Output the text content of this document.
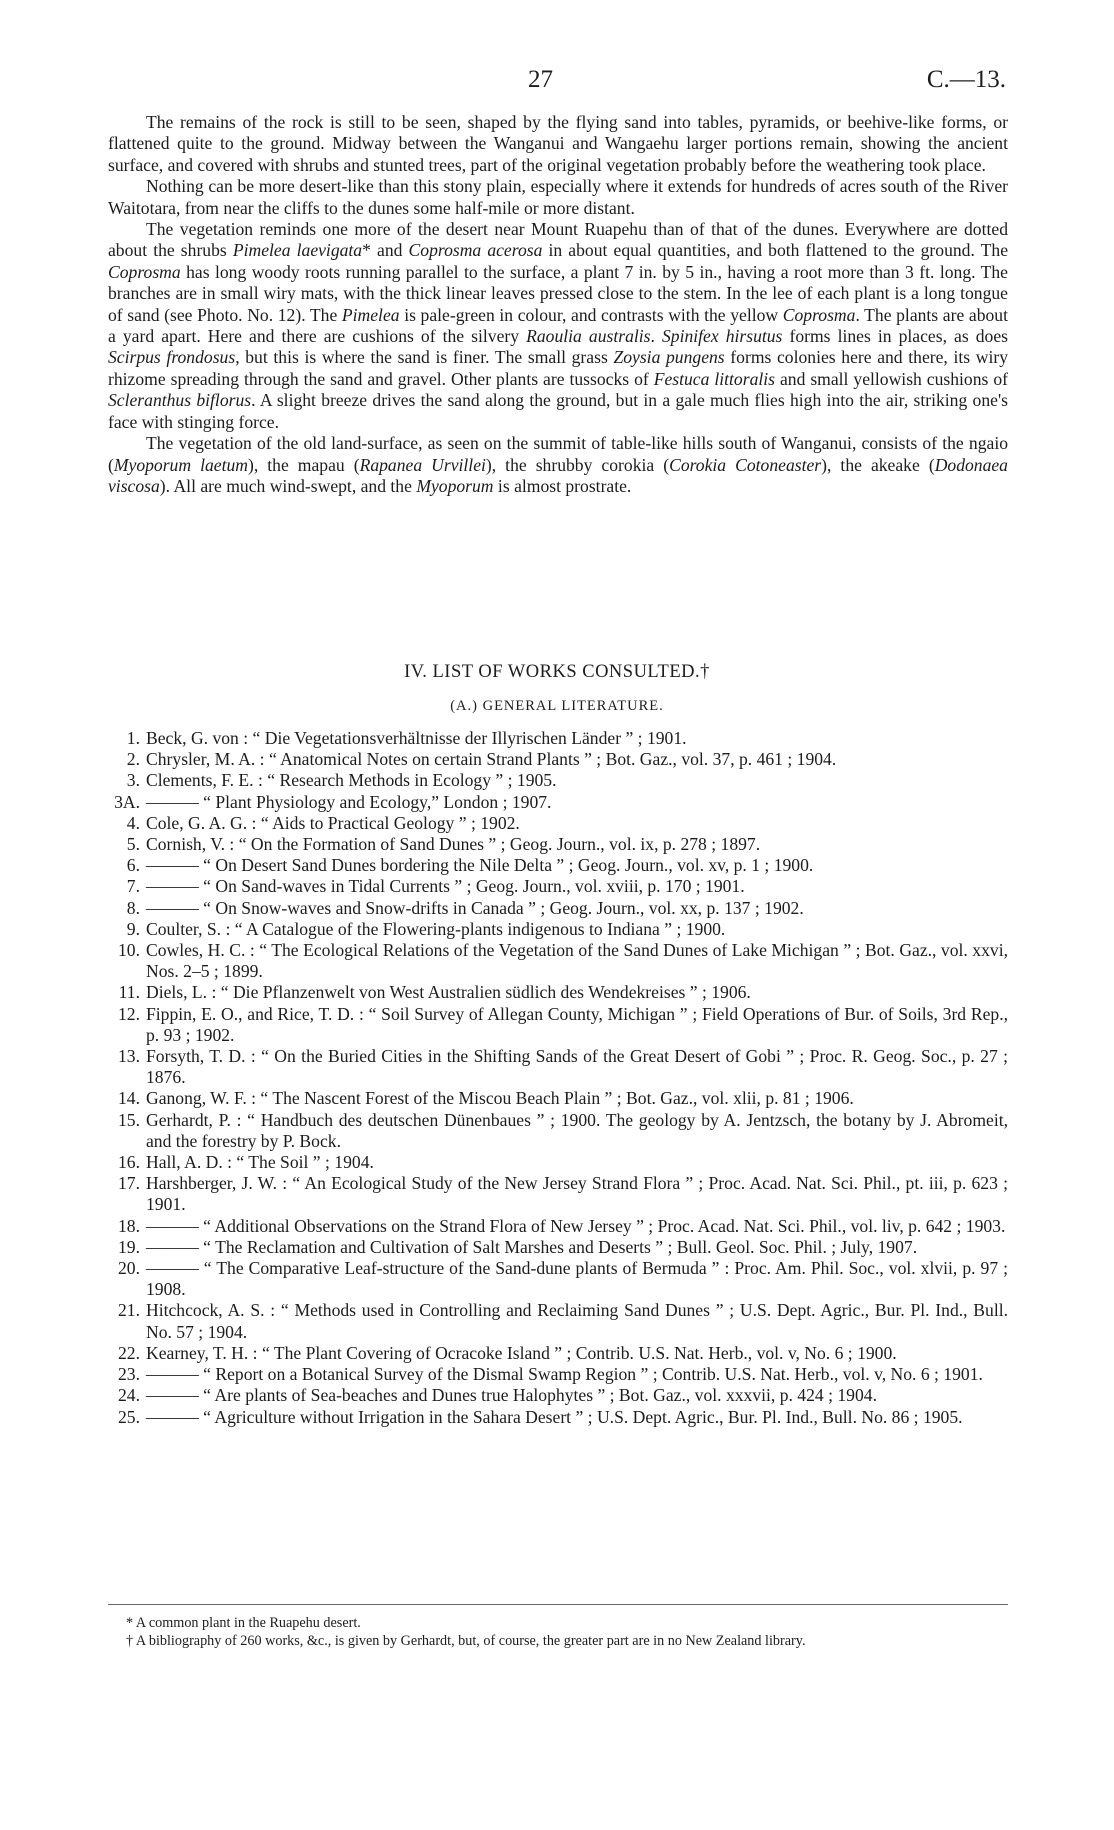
27	C.—13.

The remains of the rock is still to be seen, shaped by the flying sand into tables, pyramids, or beehive-like forms, or flattened quite to the ground. Midway between the Wanganui and Wangaehu larger portions remain, showing the ancient surface, and covered with shrubs and stunted trees, part of the original vegetation probably before the weathering took place.

Nothing can be more desert-like than this stony plain, especially where it extends for hundreds of acres south of the River Waitotara, from near the cliffs to the dunes some half-mile or more distant.

The vegetation reminds one more of the desert near Mount Ruapehu than of that of the dunes. Everywhere are dotted about the shrubs Pimelea laevigata* and Coprosma acerosa in about equal quantities, and both flattened to the ground. The Coprosma has long woody roots running parallel to the surface, a plant 7 in. by 5 in., having a root more than 3 ft. long. The branches are in small wiry mats, with the thick linear leaves pressed close to the stem. In the lee of each plant is a long tongue of sand (see Photo. No. 12). The Pimelea is pale-green in colour, and contrasts with the yellow Coprosma. The plants are about a yard apart. Here and there are cushions of the silvery Raoulia australis. Spinifex hirsutus forms lines in places, as does Scirpus frondosus, but this is where the sand is finer. The small grass Zoysia pungens forms colonies here and there, its wiry rhizome spreading through the sand and gravel. Other plants are tussocks of Festuca littoralis and small yellowish cushions of Scleranthus biflorus. A slight breeze drives the sand along the ground, but in a gale much flies high into the air, striking one's face with stinging force.

The vegetation of the old land-surface, as seen on the summit of table-like hills south of Wanganui, consists of the ngaio (Myoporum laetum), the mapau (Rapanea Urvillei), the shrubby corokia (Corokia Cotoneaster), the akeake (Dodonaea viscosa). All are much wind-swept, and the Myoporum is almost prostrate.

IV. LIST OF WORKS CONSULTED.†
(A.) GENERAL LITERATURE.
1. Beck, G. von : “ Die Vegetationsverhältnisse der Illyrischen Länder ” ; 1901.
2. Chrysler, M. A. : “ Anatomical Notes on certain Strand Plants ” ; Bot. Gaz., vol. 37, p. 461 ; 1904.
3. Clements, F. E. : “ Research Methods in Ecology ” ; 1905.
3A. ——— “ Plant Physiology and Ecology,” London ; 1907.
4. Cole, G. A. G. : “ Aids to Practical Geology ” ; 1902.
5. Cornish, V. : “ On the Formation of Sand Dunes ” ; Geog. Journ., vol. ix, p. 278 ; 1897.
6. ——— “ On Desert Sand Dunes bordering the Nile Delta ” ; Geog. Journ., vol. xv, p. 1 ; 1900.
7. ——— “ On Sand-waves in Tidal Currents ” ; Geog. Journ., vol. xviii, p. 170 ; 1901.
8. ——— “ On Snow-waves and Snow-drifts in Canada ” ; Geog. Journ., vol. xx, p. 137 ; 1902.
9. Coulter, S. : “ A Catalogue of the Flowering-plants indigenous to Indiana ” ; 1900.
10. Cowles, H. C. : “ The Ecological Relations of the Vegetation of the Sand Dunes of Lake Michigan ” ; Bot. Gaz., vol. xxvi, Nos. 2–5 ; 1899.
11. Diels, L. : “ Die Pflanzenwelt von West Australien südlich des Wendekreises ” ; 1906.
12. Fippin, E. O., and Rice, T. D. : “ Soil Survey of Allegan County, Michigan ” ; Field Operations of Bur. of Soils, 3rd Rep., p. 93 ; 1902.
13. Forsyth, T. D. : “ On the Buried Cities in the Shifting Sands of the Great Desert of Gobi ” ; Proc. R. Geog. Soc., p. 27 ; 1876.
14. Ganong, W. F. : “ The Nascent Forest of the Miscou Beach Plain ” ; Bot. Gaz., vol. xlii, p. 81 ; 1906.
15. Gerhardt, P. : “ Handbuch des deutschen Dünenbaues ” ; 1900. The geology by A. Jentzsch, the botany by J. Abromeit, and the forestry by P. Bock.
16. Hall, A. D. : “ The Soil ” ; 1904.
17. Harshberger, J. W. : “ An Ecological Study of the New Jersey Strand Flora ” ; Proc. Acad. Nat. Sci. Phil., pt. iii, p. 623 ; 1901.
18. ——— “ Additional Observations on the Strand Flora of New Jersey ” ; Proc. Acad. Nat. Sci. Phil., vol. liv, p. 642 ; 1903.
19. ——— “ The Reclamation and Cultivation of Salt Marshes and Deserts ” ; Bull. Geol. Soc. Phil. ; July, 1907.
20. ——— “ The Comparative Leaf-structure of the Sand-dune plants of Bermuda ” : Proc. Am. Phil. Soc., vol. xlvii, p. 97 ; 1908.
21. Hitchcock, A. S. : “ Methods used in Controlling and Reclaiming Sand Dunes ” ; U.S. Dept. Agric., Bur. Pl. Ind., Bull. No. 57 ; 1904.
22. Kearney, T. H. : “ The Plant Covering of Ocracoke Island ” ; Contrib. U.S. Nat. Herb., vol. v, No. 6 ; 1900.
23. ——— “ Report on a Botanical Survey of the Dismal Swamp Region ” ; Contrib. U.S. Nat. Herb., vol. v, No. 6 ; 1901.
24. ——— “ Are plants of Sea-beaches and Dunes true Halophytes ” ; Bot. Gaz., vol. xxxvii, p. 424 ; 1904.
25. ——— “ Agriculture without Irrigation in the Sahara Desert ” ; U.S. Dept. Agric., Bur. Pl. Ind., Bull. No. 86 ; 1905.

* A common plant in the Ruapehu desert.

† A bibliography of 260 works, &c., is given by Gerhardt, but, of course, the greater part are in no New Zealand library.
